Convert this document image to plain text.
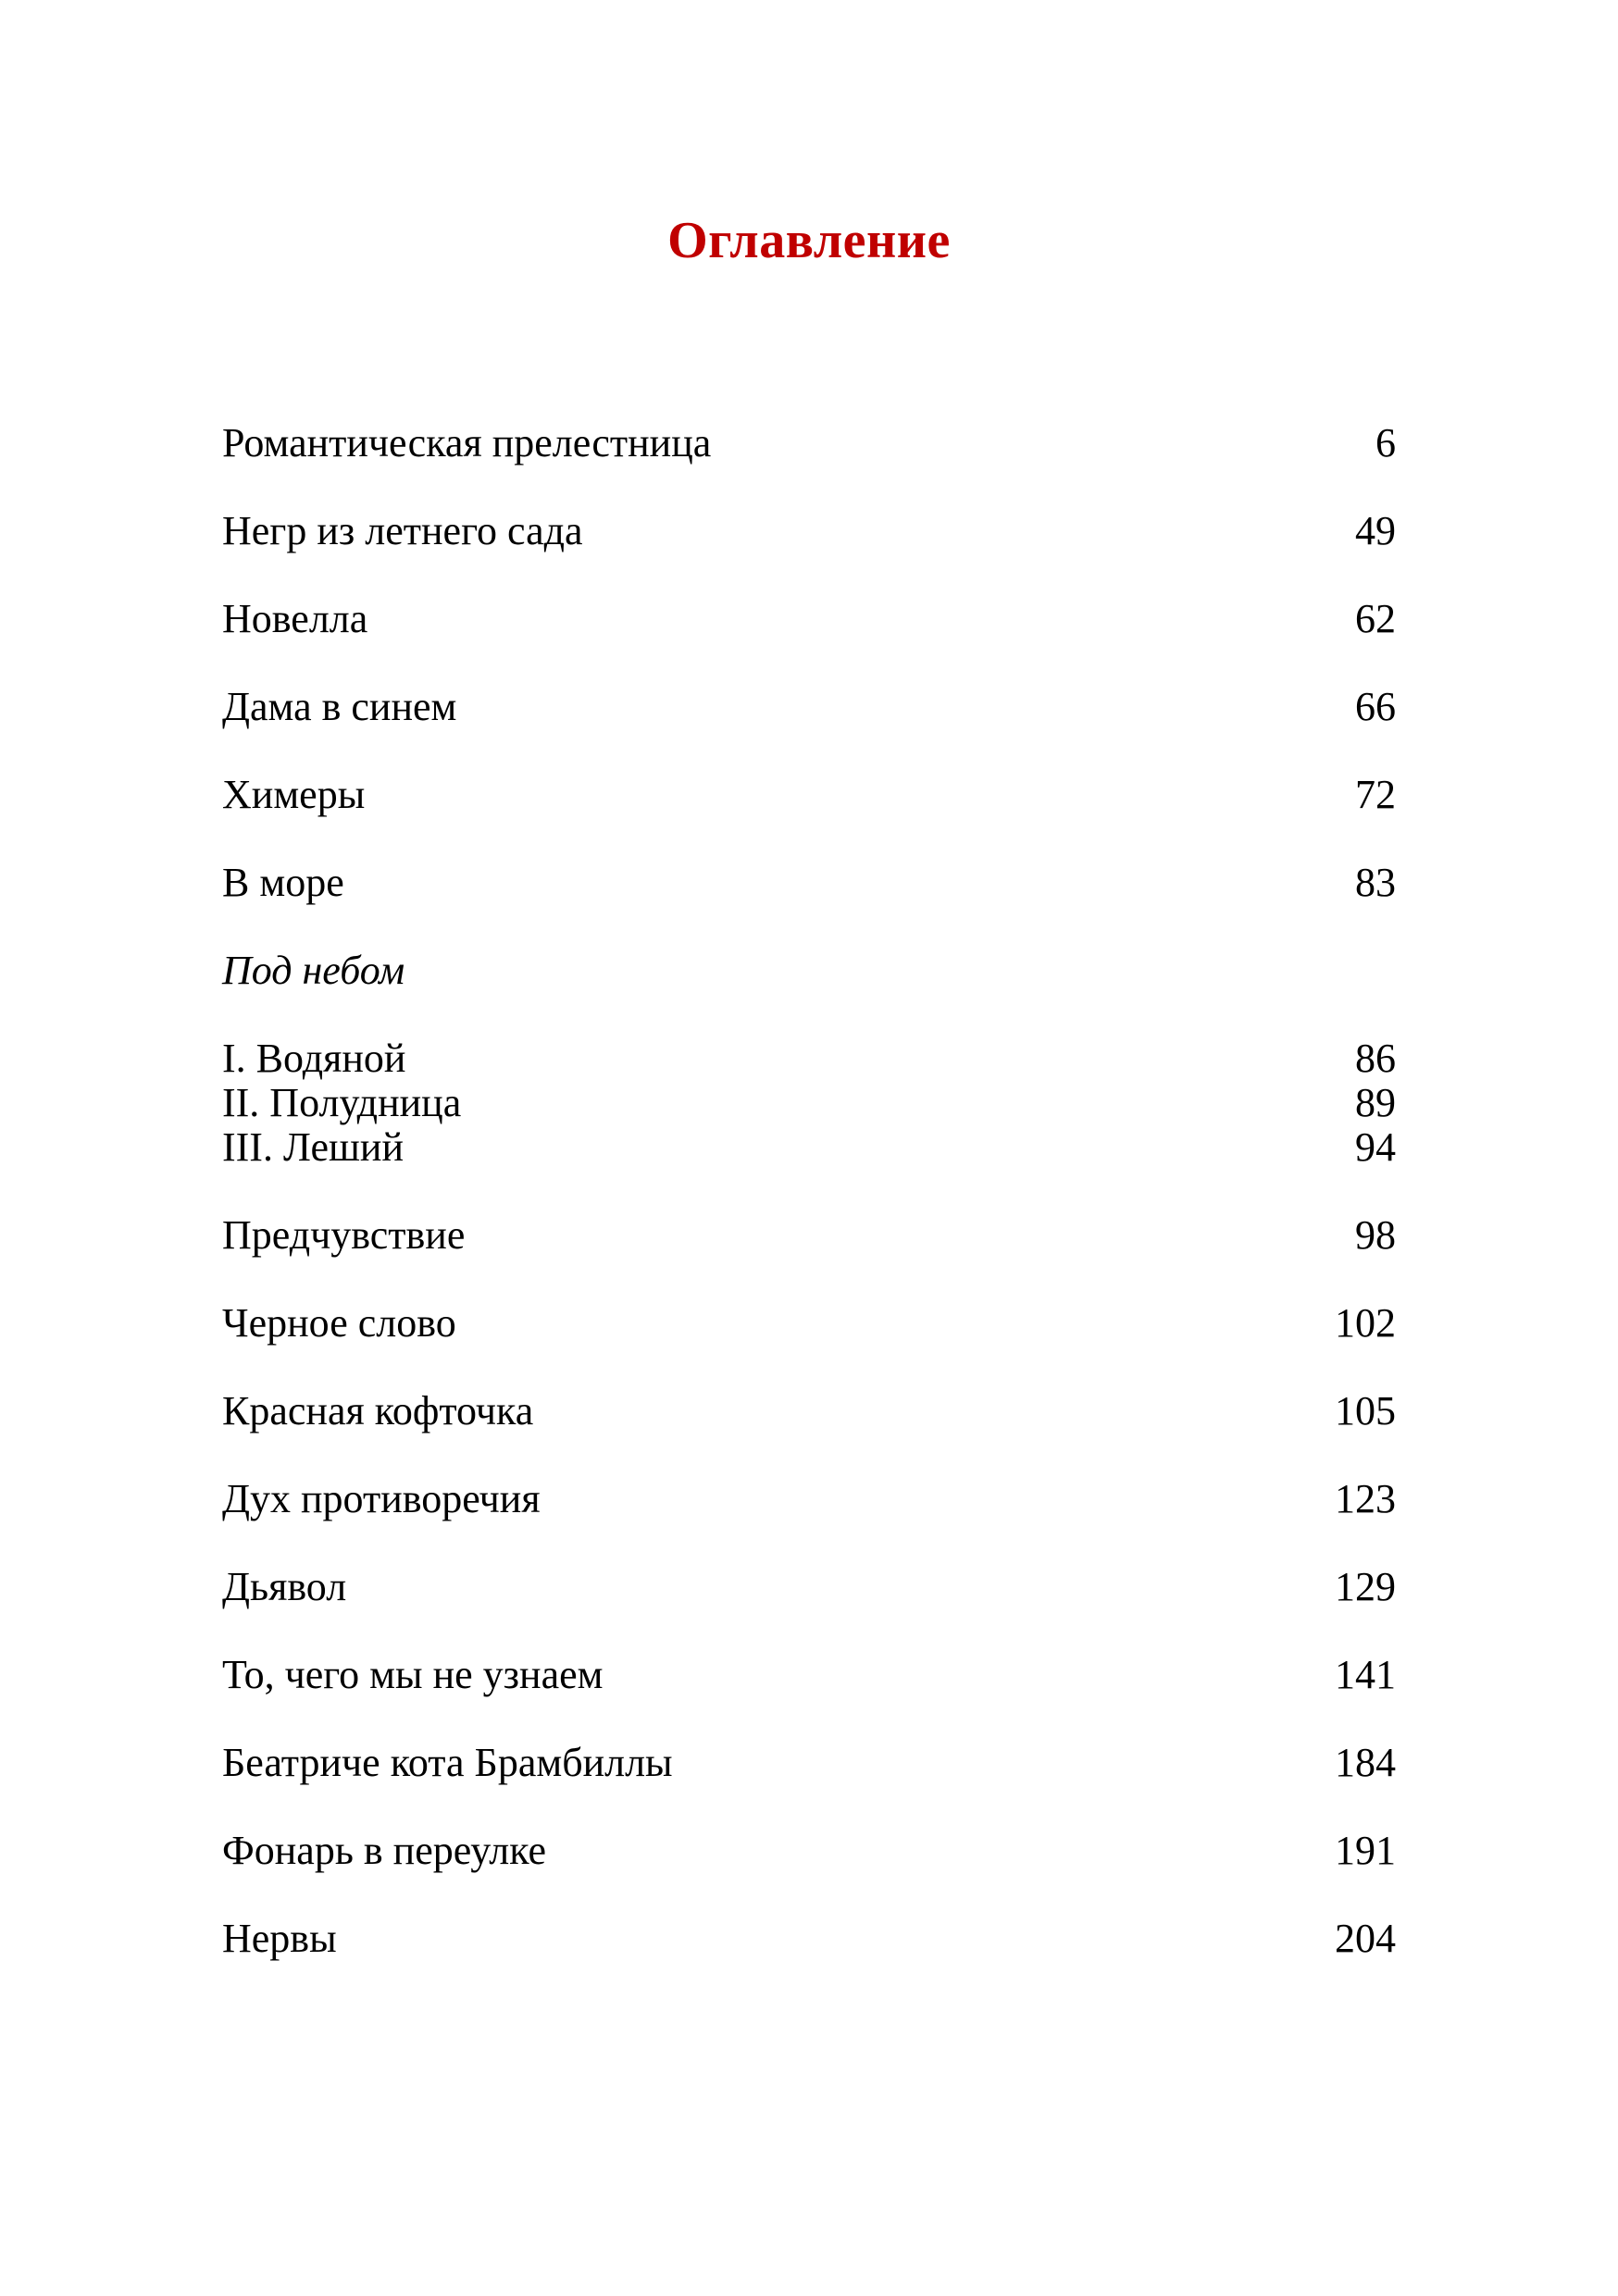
Оглавление
Романтическая прелестница	6
Негр из летнего сада	49
Новелла	62
Дама в синем	66
Химеры	72
В море	83
Под небом
I. Водяной	86
II. Полудница	89
III. Леший	94
Предчувствие	98
Черное слово	102
Красная кофточка	105
Дух противоречия	123
Дьявол	129
То, чего мы не узнаем	141
Беатриче кота Брамбиллы	184
Фонарь в переулке	191
Нервы	204
